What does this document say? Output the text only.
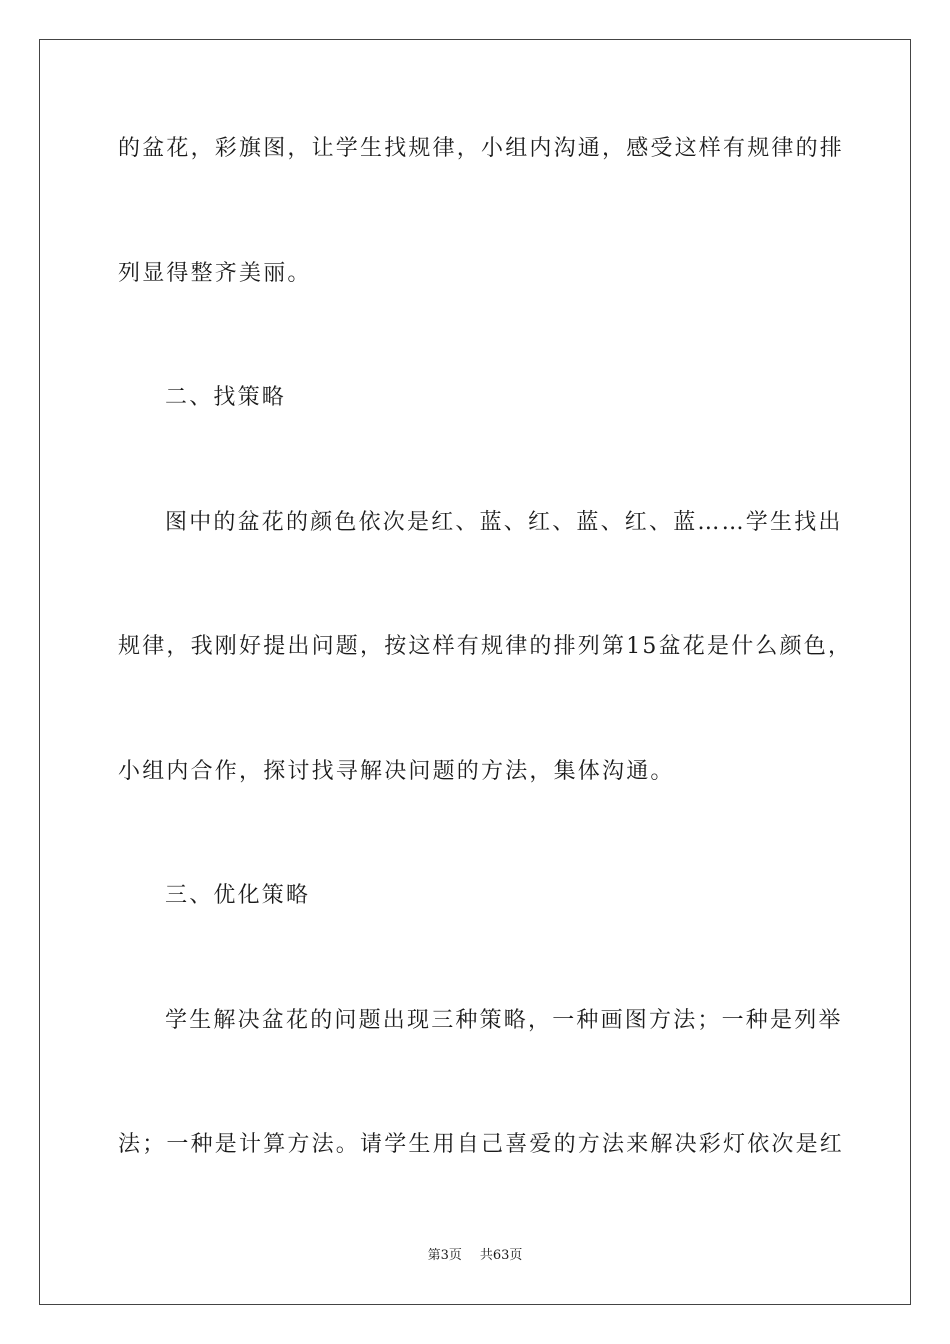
的盆花，彩旗图，让学生找规律，小组内沟通，感受这样有规律的排
列显得整齐美丽。
二、找策略
图中的盆花的颜色依次是红、蓝、红、蓝、红、蓝……学生找出
规律，我刚好提出问题，按这样有规律的排列第15盆花是什么颜色，
小组内合作，探讨找寻解决问题的方法，集体沟通。
三、优化策略
学生解决盆花的问题出现三种策略，一种画图方法；一种是列举
法；一种是计算方法。请学生用自己喜爱的方法来解决彩灯依次是红
第3页 共63页
